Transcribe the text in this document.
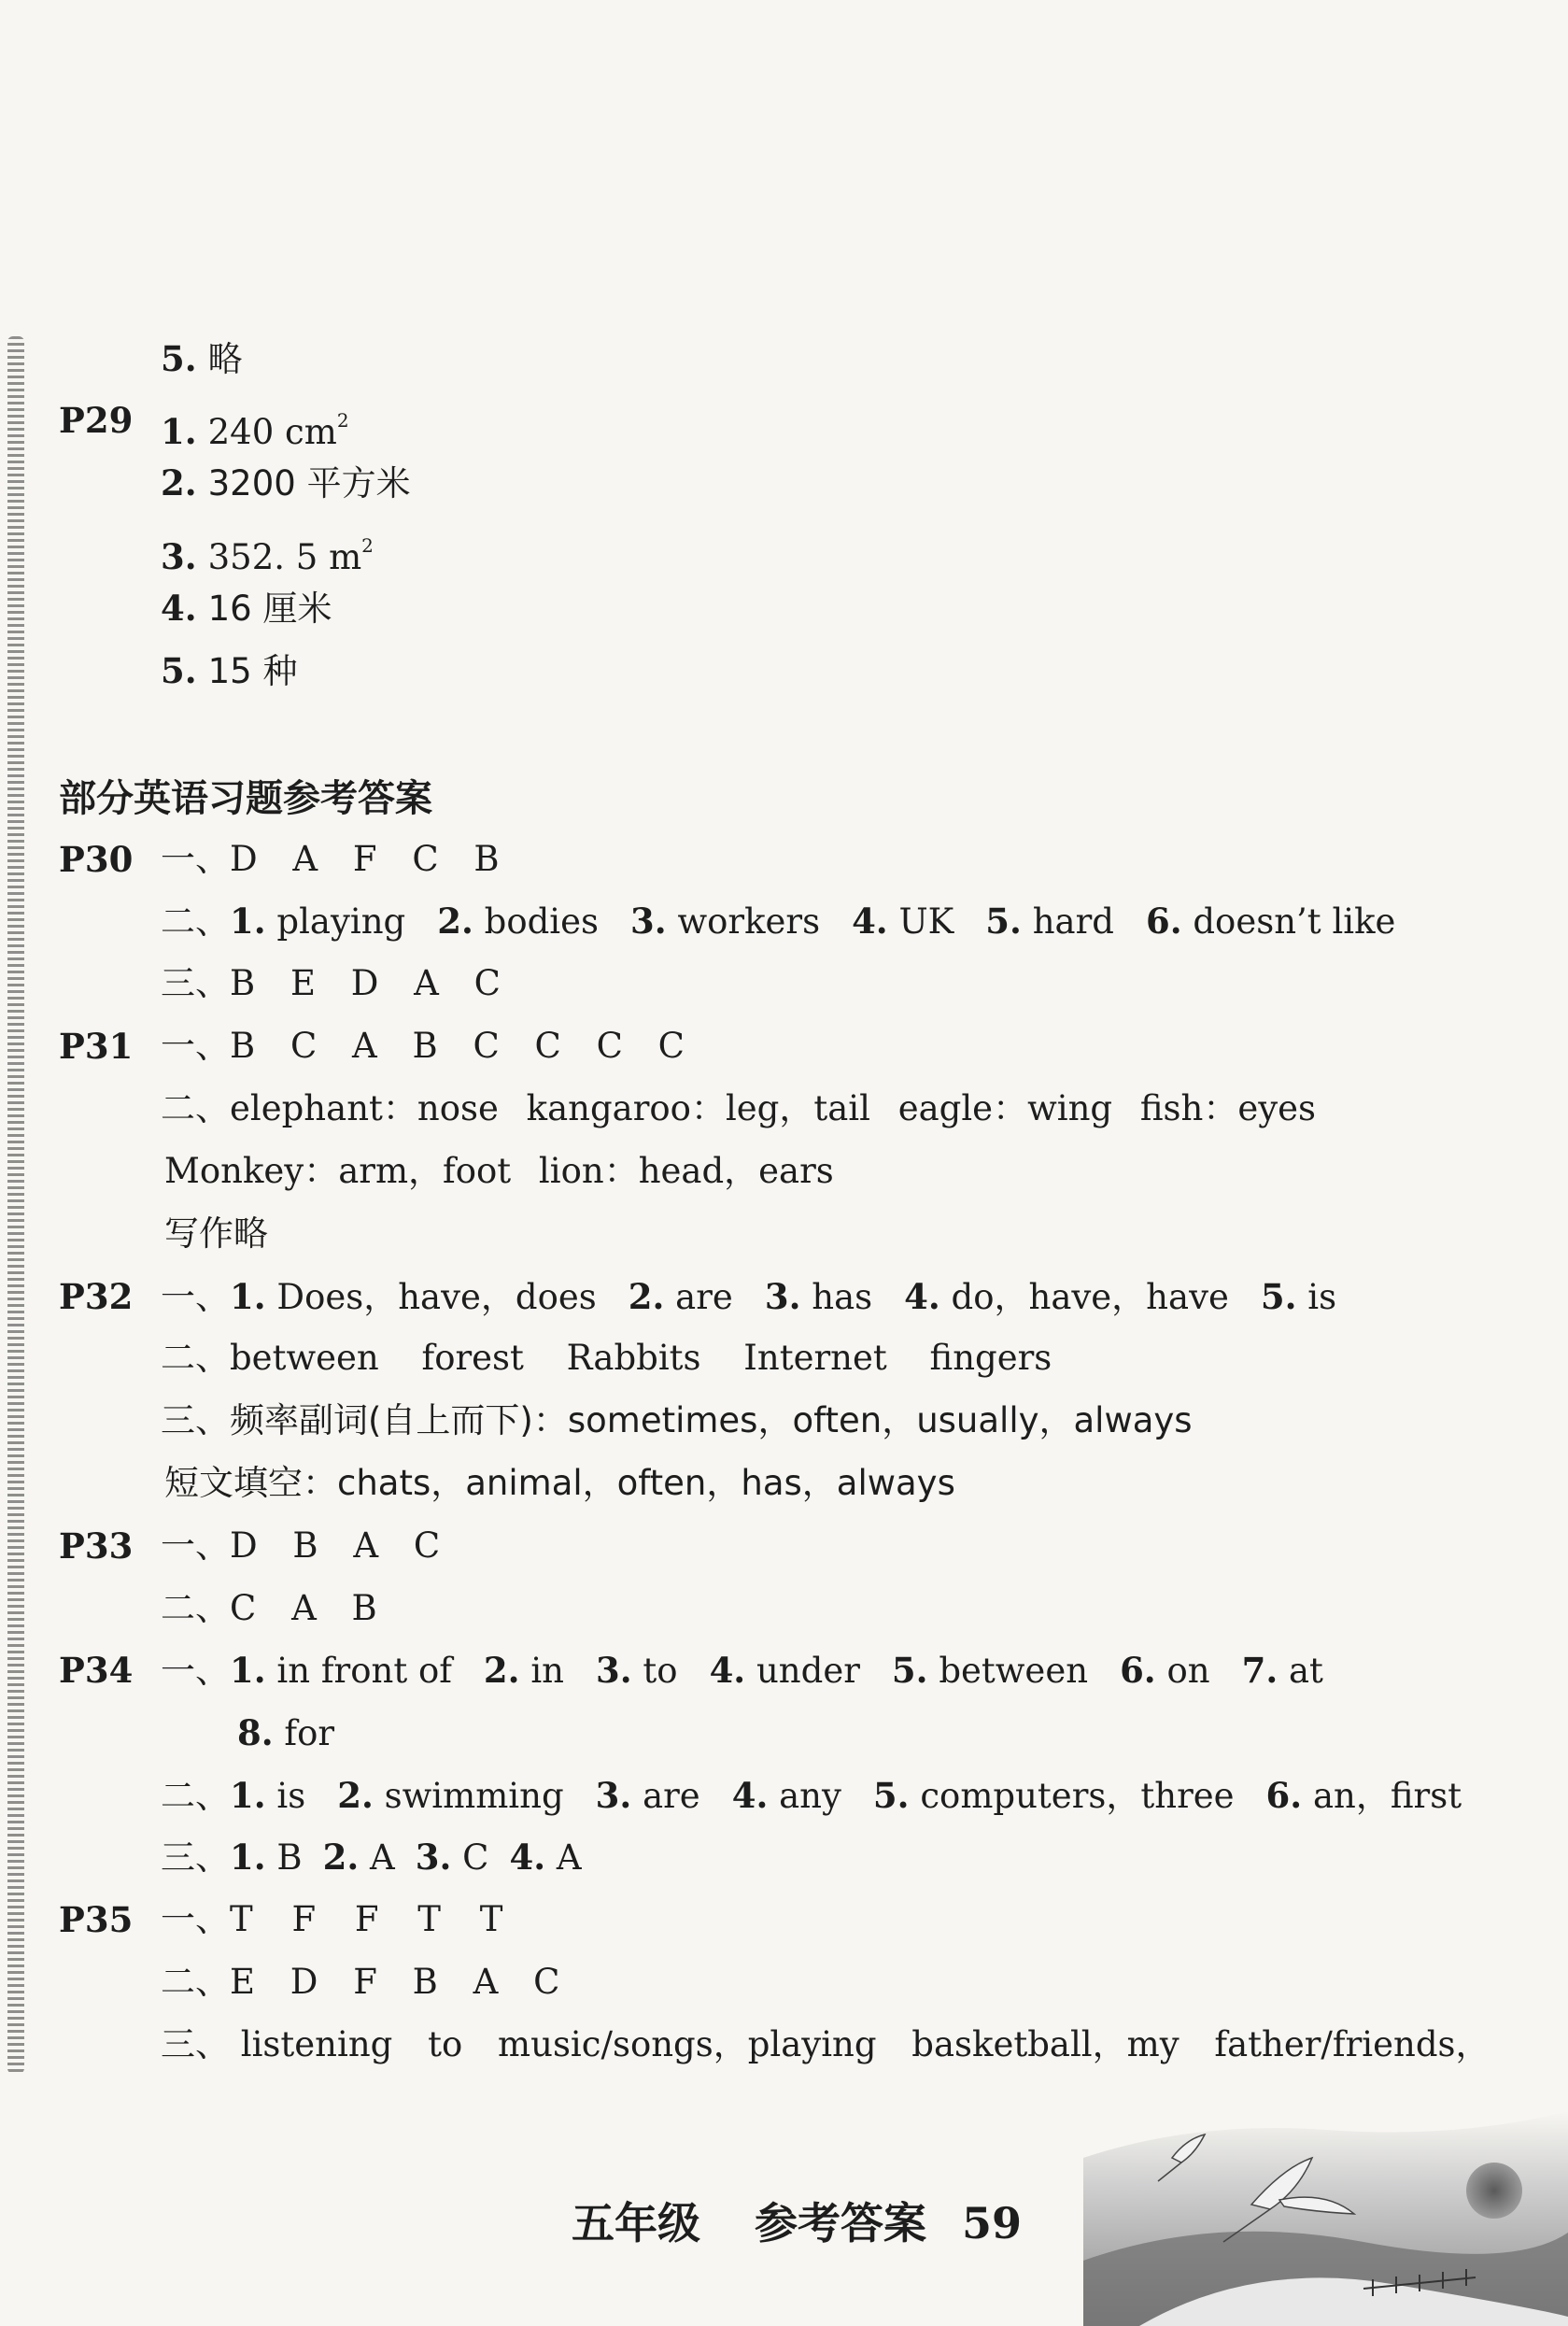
5. 略
P29 1. 240 $cm^2$
2. 3200 平方米
3. 352. 5 $m^2$
4. 16 厘米
5. 15 种
部分英语习题参考答案
P30 一、D A F C B
二、1. playing 2. bodies 3. workers 4. UK 5. hard 6. doesn’t like
三、B E D A C
P31 一、B C A B C C C C
二、elephant：nose kangaroo：leg，tail eagle：wing fish：eyes
Monkey：arm，foot lion：head，ears
写作略
P32 一、1. Does，have，does 2. are 3. has 4. do，have，have 5. is
二、between forest Rabbits Internet fingers
三、频率副词(自上而下)：sometimes，often，usually，always
短文填空：chats，animal，often，has，always
P33 一、D B A C
二、C A B
P34 一、1. in front of 2. in 3. to 4. under 5. between 6. on 7. at
8. for
二、1. is 2. swimming 3. are 4. any 5. computers，three 6. an，first
三、1. B 2. A 3. C 4. A
P35 一、T F F T T
二、E D F B A C
三、 listening to music/songs，playing basketball，my father/friends，
五年级 参考答案 59
